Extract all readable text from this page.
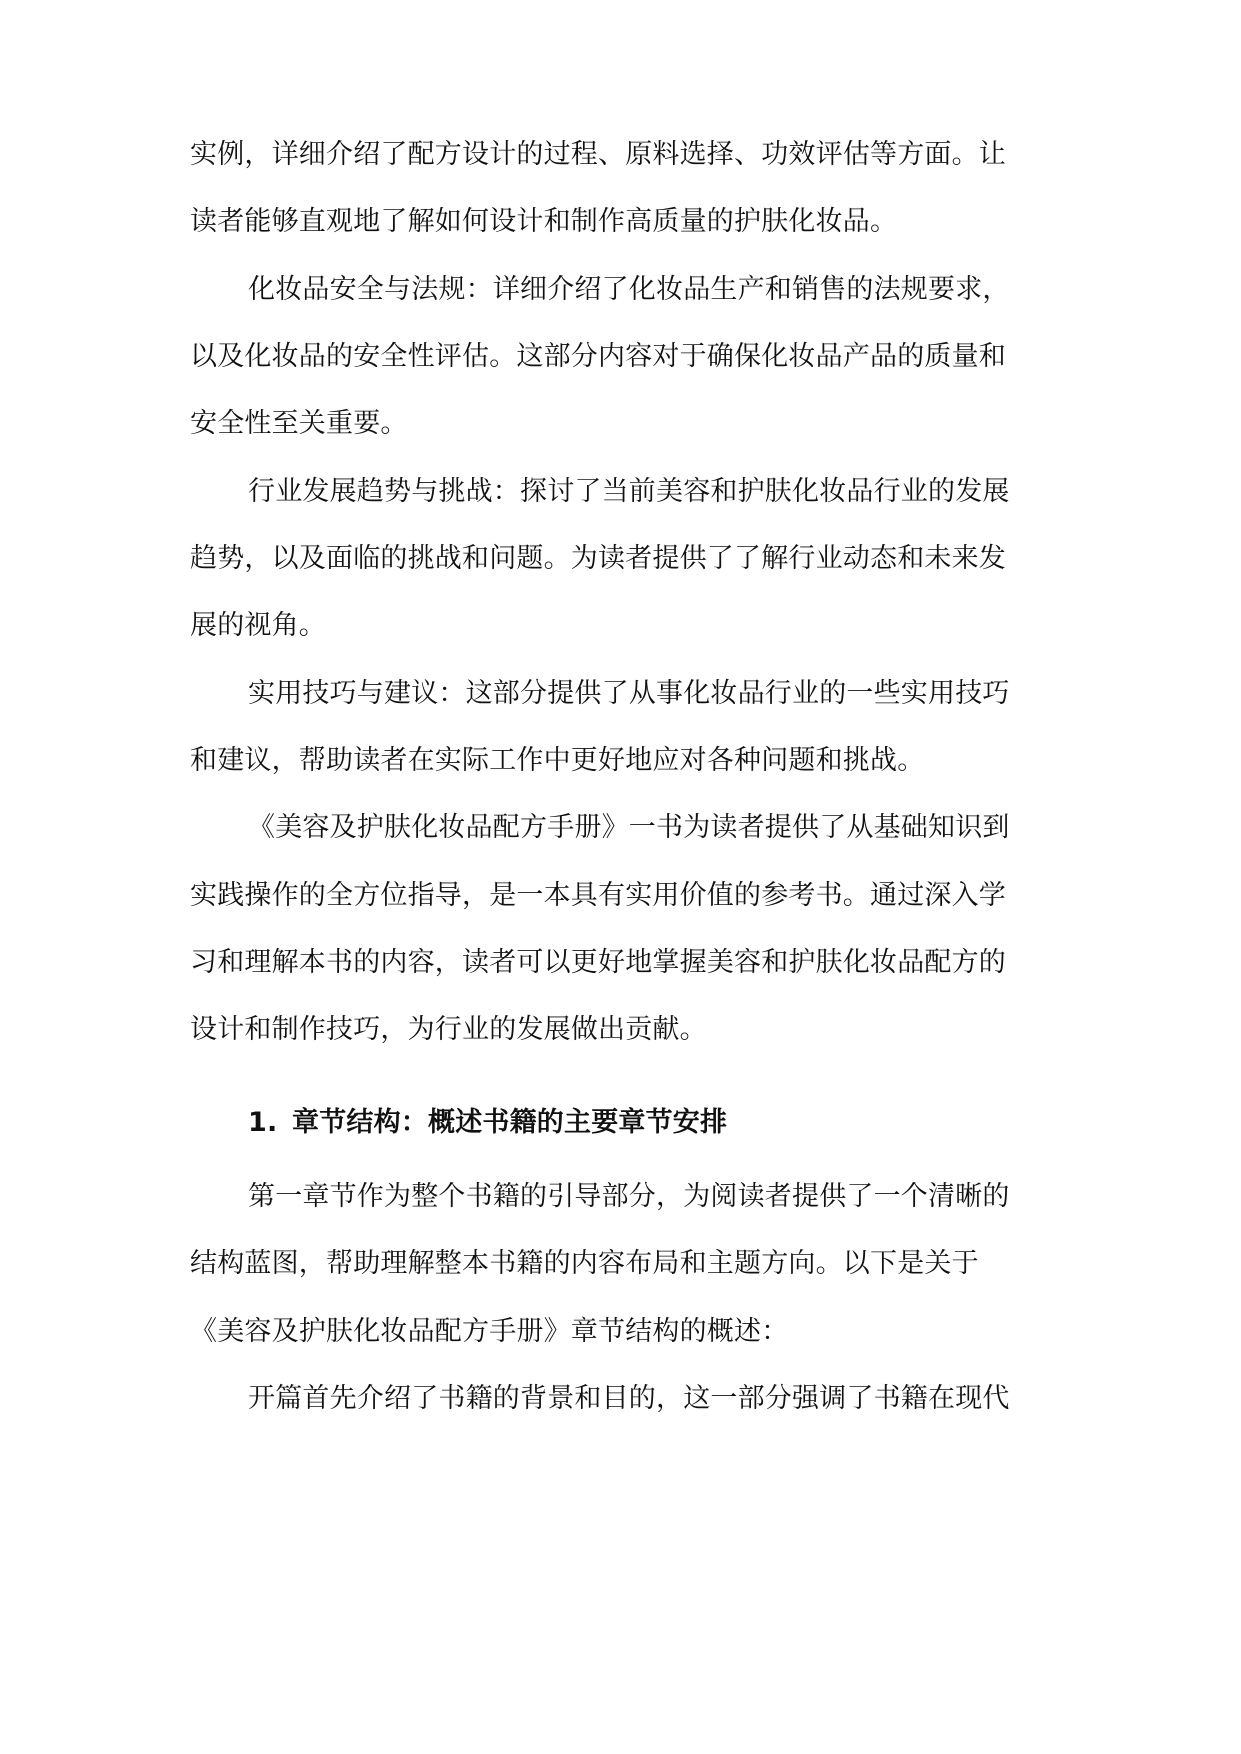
实例，详细介绍了配方设计的过程、原料选择、功效评估等方面。让
读者能够直观地了解如何设计和制作高质量的护肤化妆品。
化妆品安全与法规：详细介绍了化妆品生产和销售的法规要求，
以及化妆品的安全性评估。这部分内容对于确保化妆品产品的质量和
安全性至关重要。
行业发展趋势与挑战：探讨了当前美容和护肤化妆品行业的发展
趋势，以及面临的挑战和问题。为读者提供了了解行业动态和未来发
展的视角。
实用技巧与建议：这部分提供了从事化妆品行业的一些实用技巧
和建议，帮助读者在实际工作中更好地应对各种问题和挑战。
《美容及护肤化妆品配方手册》一书为读者提供了从基础知识到
实践操作的全方位指导，是一本具有实用价值的参考书。通过深入学
习和理解本书的内容，读者可以更好地掌握美容和护肤化妆品配方的
设计和制作技巧，为行业的发展做出贡献。
1. 章节结构：概述书籍的主要章节安排
第一章节作为整个书籍的引导部分，为阅读者提供了一个清晰的
结构蓝图，帮助理解整本书籍的内容布局和主题方向。以下是关于
《美容及护肤化妆品配方手册》章节结构的概述：
开篇首先介绍了书籍的背景和目的，这一部分强调了书籍在现代
